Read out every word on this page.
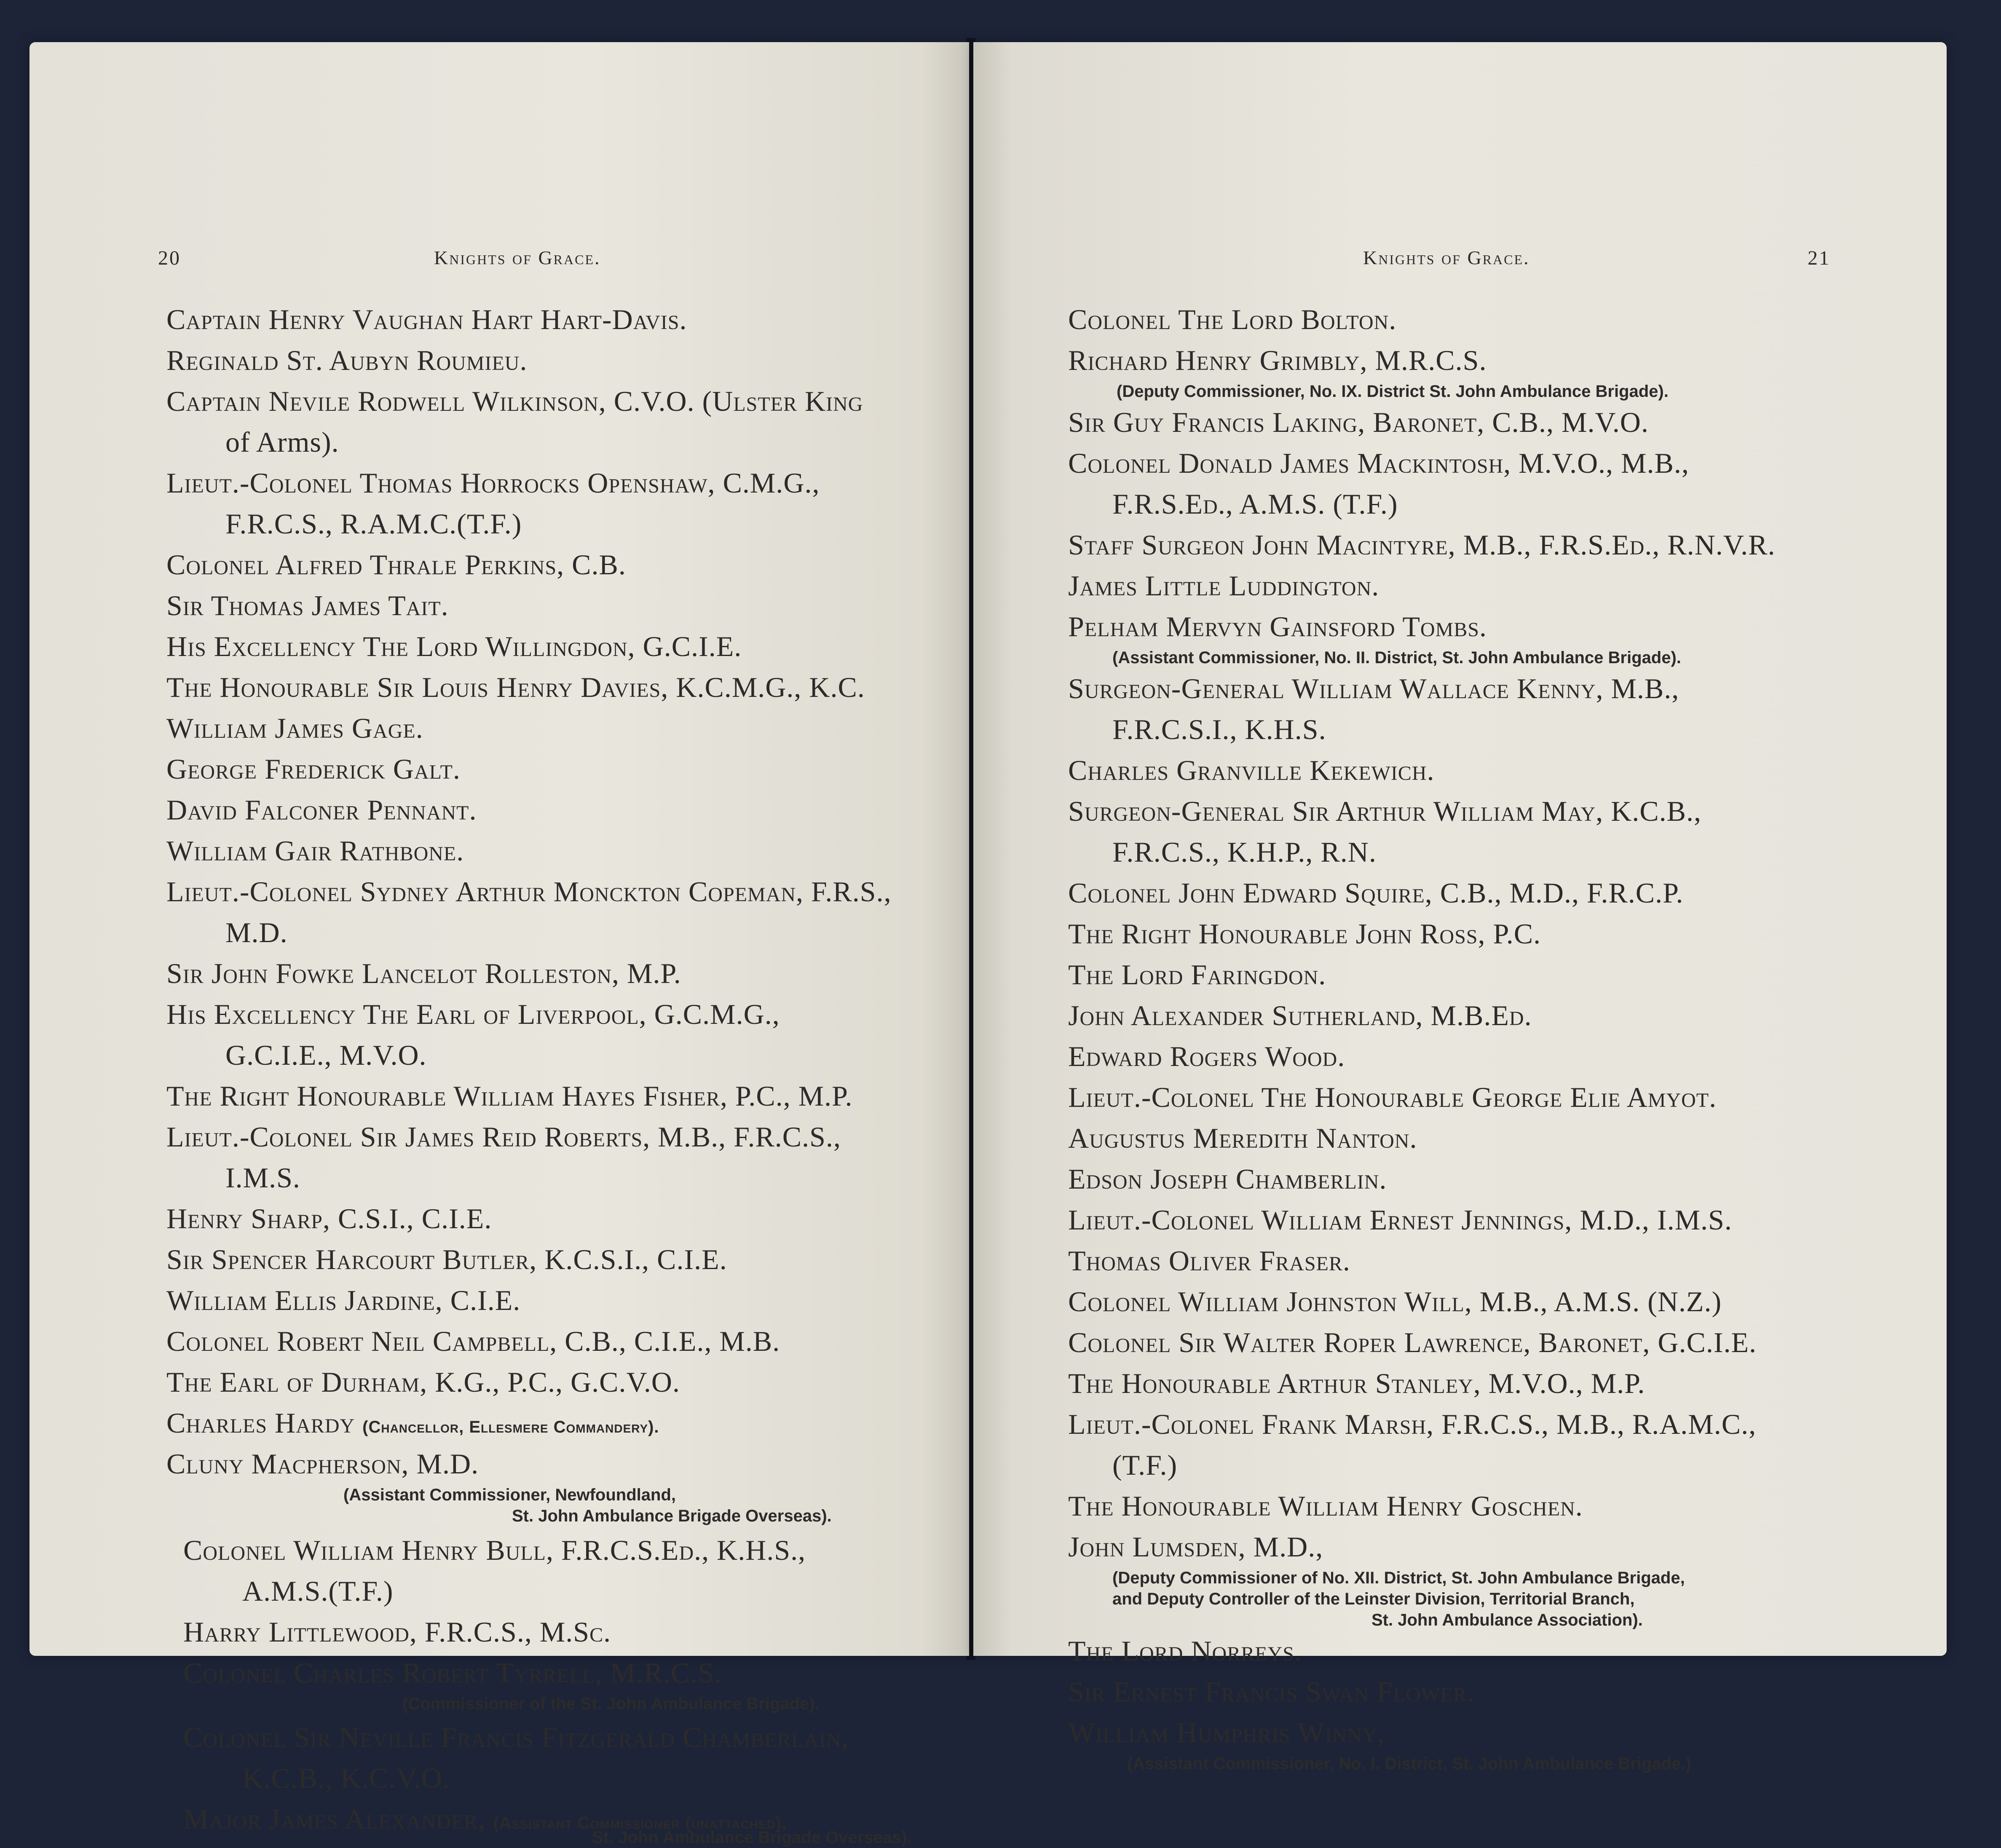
20	Knights of Grace.
Captain Henry Vaughan Hart Hart-Davis.
Reginald St. Aubyn Roumieu.
Captain Nevile Rodwell Wilkinson, C.V.O. (Ulster King
of Arms).
Lieut.-Colonel Thomas Horrocks Openshaw, C.M.G.,
F.R.C.S., R.A.M.C.(T.F.)
Colonel Alfred Thrale Perkins, C.B.
Sir Thomas James Tait.
His Excellency The Lord Willingdon, G.C.I.E.
The Honourable Sir Louis Henry Davies, K.C.M.G., K.C.
William James Gage.
George Frederick Galt.
David Falconer Pennant.
William Gair Rathbone.
Lieut.-Colonel Sydney Arthur Monckton Copeman, F.R.S.,
M.D.
Sir John Fowke Lancelot Rolleston, M.P.
His Excellency The Earl of Liverpool, G.C.M.G.,
G.C.I.E., M.V.O.
The Right Honourable William Hayes Fisher, P.C., M.P.
Lieut.-Colonel Sir James Reid Roberts, M.B., F.R.C.S.,
I.M.S.
Henry Sharp, C.S.I., C.I.E.
Sir Spencer Harcourt Butler, K.C.S.I., C.I.E.
William Ellis Jardine, C.I.E.
Colonel Robert Neil Campbell, C.B., C.I.E., M.B.
The Earl of Durham, K.G., P.C., G.C.V.O.
Charles Hardy (Chancellor, Ellesmere Commandery).
Cluny Macpherson, M.D.
(Assistant Commissioner, Newfoundland,
St. John Ambulance Brigade Overseas).
Colonel William Henry Bull, F.R.C.S.Ed., K.H.S.,
A.M.S.(T.F.)
Harry Littlewood, F.R.C.S., M.Sc.
Colonel Charles Robert Tyrrell, M.R.C.S.
(Commissioner of the St. John Ambulance Brigade).
Colonel Sir Neville Francis Fitzgerald Chamberlain,
K.C.B., K.C.V.O.
Major James Alexander, (Assistant Commissioner (unattached),
St. John Ambulance Brigade Overseas).
Knights of Grace.	21
Colonel The Lord Bolton.
Richard Henry Grimbly, M.R.C.S.
(Deputy Commissioner, No. IX. District St. John Ambulance Brigade).
Sir Guy Francis Laking, Baronet, C.B., M.V.O.
Colonel Donald James Mackintosh, M.V.O., M.B.,
F.R.S.Ed., A.M.S. (T.F.)
Staff Surgeon John Macintyre, M.B., F.R.S.Ed., R.N.V.R.
James Little Luddington.
Pelham Mervyn Gainsford Tombs.
(Assistant Commissioner, No. II. District, St. John Ambulance Brigade).
Surgeon-General William Wallace Kenny, M.B.,
F.R.C.S.I., K.H.S.
Charles Granville Kekewich.
Surgeon-General Sir Arthur William May, K.C.B.,
F.R.C.S., K.H.P., R.N.
Colonel John Edward Squire, C.B., M.D., F.R.C.P.
The Right Honourable John Ross, P.C.
The Lord Faringdon.
John Alexander Sutherland, M.B.Ed.
Edward Rogers Wood.
Lieut.-Colonel The Honourable George Elie Amyot.
Augustus Meredith Nanton.
Edson Joseph Chamberlin.
Lieut.-Colonel William Ernest Jennings, M.D., I.M.S.
Thomas Oliver Fraser.
Colonel William Johnston Will, M.B., A.M.S. (N.Z.)
Colonel Sir Walter Roper Lawrence, Baronet, G.C.I.E.
The Honourable Arthur Stanley, M.V.O., M.P.
Lieut.-Colonel Frank Marsh, F.R.C.S., M.B., R.A.M.C.,
(T.F.)
The Honourable William Henry Goschen.
John Lumsden, M.D.,
(Deputy Commissioner of No. XII. District, St. John Ambulance Brigade,
and Deputy Controller of the Leinster Division, Territorial Branch,
St. John Ambulance Association).
The Lord Norreys.
Sir Ernest Francis Swan Flower.
William Humphris Winny,
(Assistant Commissioner, No. I. District, St. John Ambulance Brigade.)
